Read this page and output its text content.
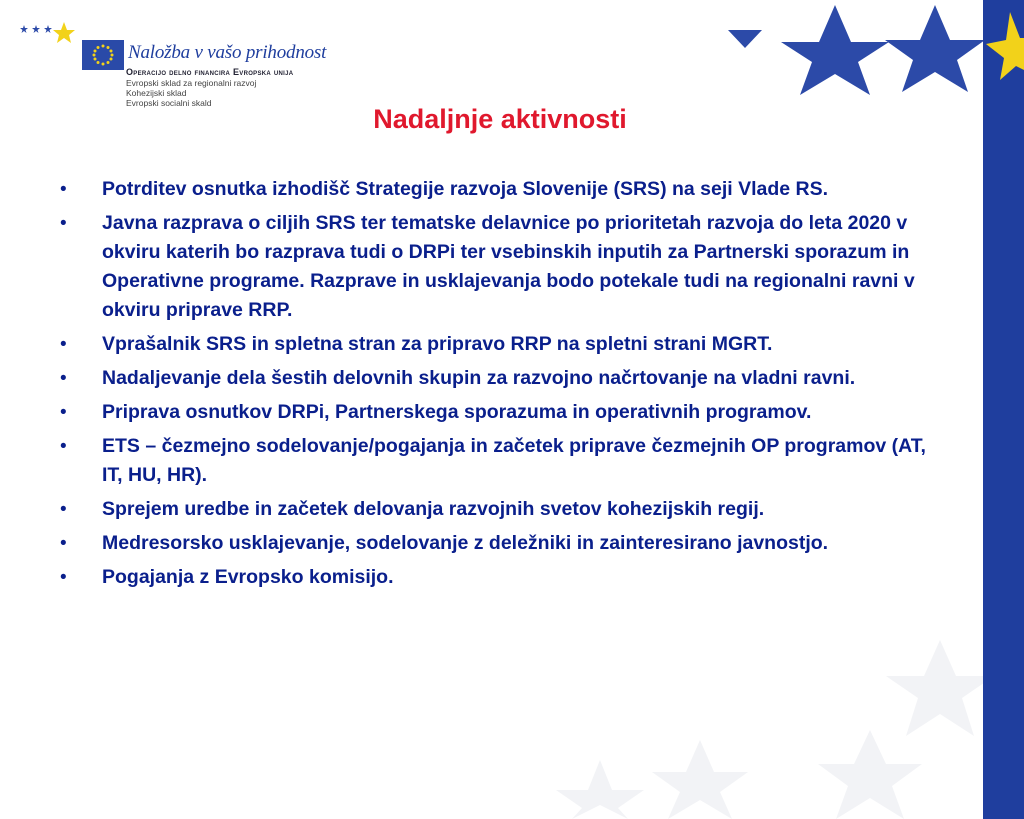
Naložba v vašo prihodnost
Operacijo delno financira Evropska unija
Evropski sklad za regionalni razvoj
Kohezijski sklad
Evropski socialni skald
Nadaljnje aktivnosti
• Potrditev osnutka izhodišč Strategije razvoja Slovenije (SRS) na seji Vlade RS.
• Javna razprava o ciljih SRS ter tematske delavnice po prioritetah razvoja do leta 2020 v okviru katerih bo razprava tudi o DRPi ter vsebinskih inputih za Partnerski sporazum in Operativne programe. Razprave in usklajevanja bodo potekale tudi na regionalni ravni v okviru priprave RRP.
• Vprašalnik SRS in spletna stran za pripravo RRP na spletni strani MGRT.
• Nadaljevanje dela šestih delovnih skupin za razvojno načrtovanje na vladni ravni.
• Priprava osnutkov DRPi, Partnerskega sporazuma in operativnih programov.
• ETS – čezmejno sodelovanje/pogajanja in začetek priprave čezmejnih OP programov (AT, IT, HU, HR).
• Sprejem uredbe in začetek delovanja razvojnih svetov kohezijskih regij.
• Medresorsko usklajevanje, sodelovanje z deležniki in zainteresirano javnostjo.
• Pogajanja z Evropsko komisijo.
